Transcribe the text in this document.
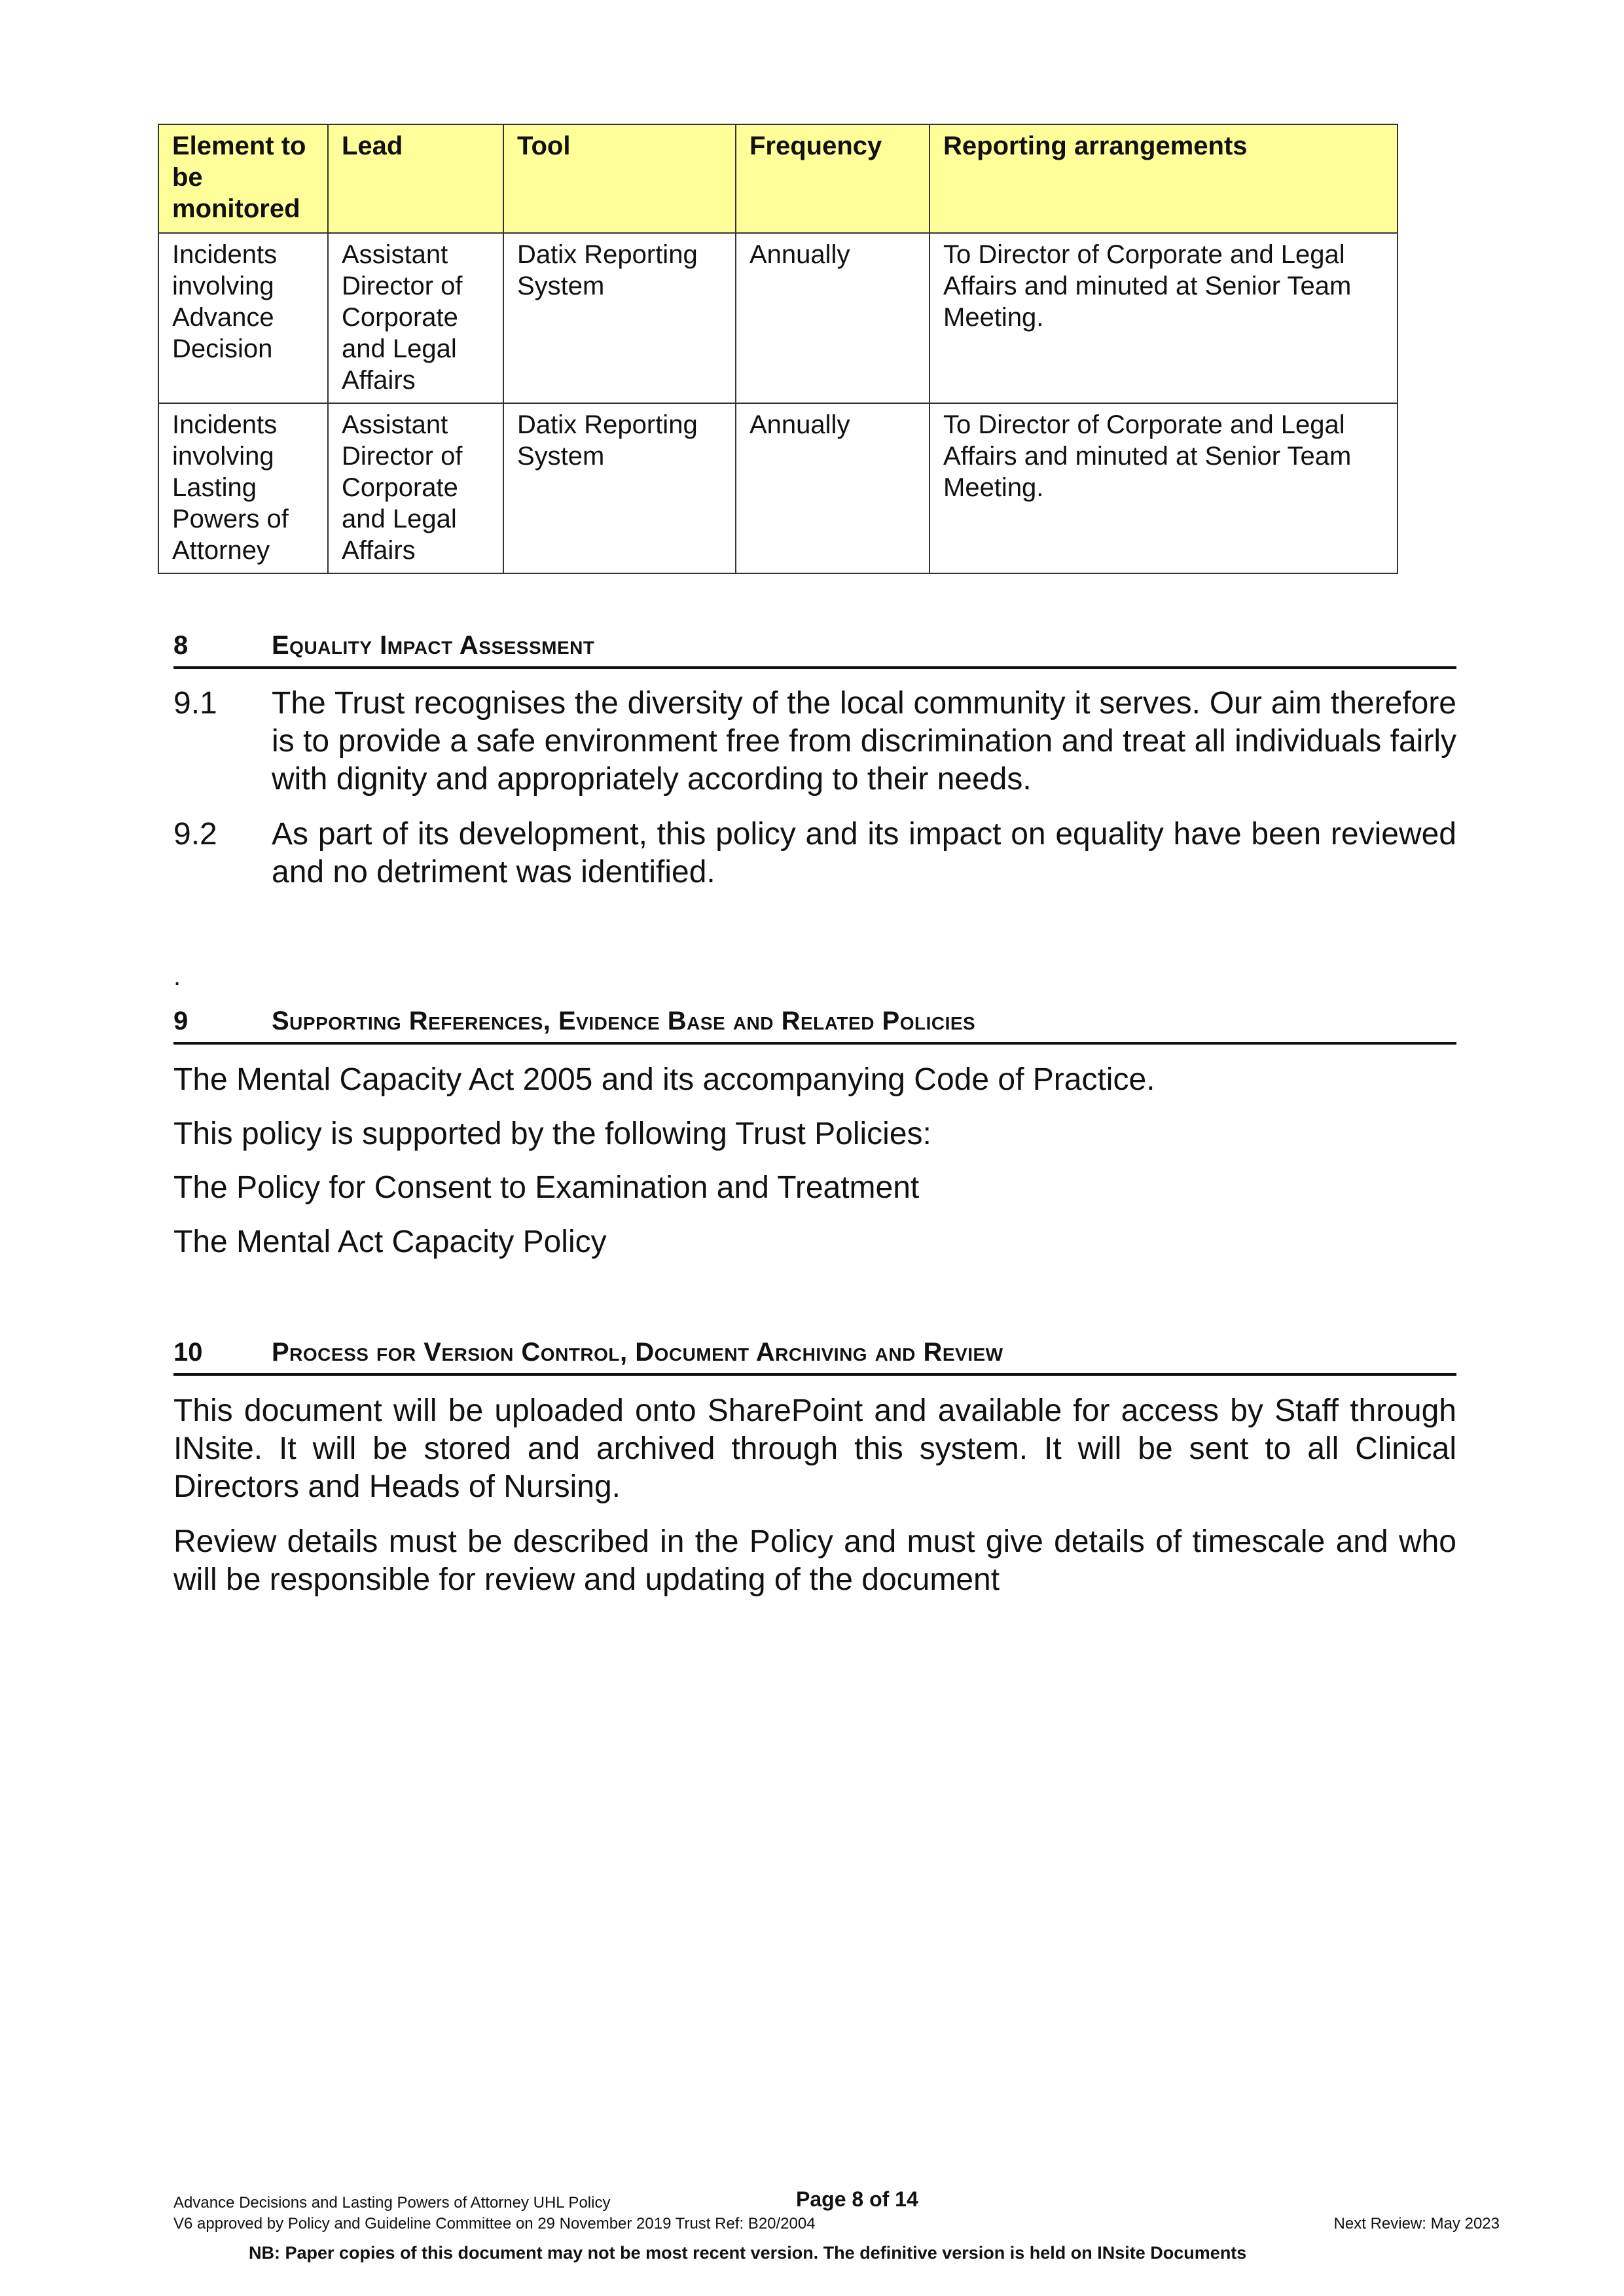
Element to be monitored	Lead	Tool	Frequency	Reporting arrangements
Incidents involving Advance Decision	Assistant Director of Corporate and Legal Affairs	Datix Reporting System	Annually	To Director of Corporate and Legal Affairs and minuted at Senior Team Meeting.
Incidents involving Lasting Powers of Attorney	Assistant Director of Corporate and Legal Affairs	Datix Reporting System	Annually	To Director of Corporate and Legal Affairs and minuted at Senior Team Meeting.
8	Equality Impact Assessment
9.1 The Trust recognises the diversity of the local community it serves. Our aim therefore is to provide a safe environment free from discrimination and treat all individuals fairly with dignity and appropriately according to their needs.
9.2 As part of its development, this policy and its impact on equality have been reviewed and no detriment was identified.
.
9	Supporting References, Evidence Base and Related Policies
The Mental Capacity Act 2005 and its accompanying Code of Practice.
This policy is supported by the following Trust Policies:
The Policy for Consent to Examination and Treatment
The Mental Act Capacity Policy
10	Process for Version Control, Document Archiving and Review
This document will be uploaded onto SharePoint and available for access by Staff through INsite. It will be stored and archived through this system. It will be sent to all Clinical Directors and Heads of Nursing.
Review details must be described in the Policy and must give details of timescale and who will be responsible for review and updating of the document
Advance Decisions and Lasting Powers of Attorney UHL Policy	Page 8 of 14
V6 approved by Policy and Guideline Committee on 29 November 2019 Trust Ref: B20/2004	Next Review: May 2023
NB: Paper copies of this document may not be most recent version. The definitive version is held on INsite Documents
